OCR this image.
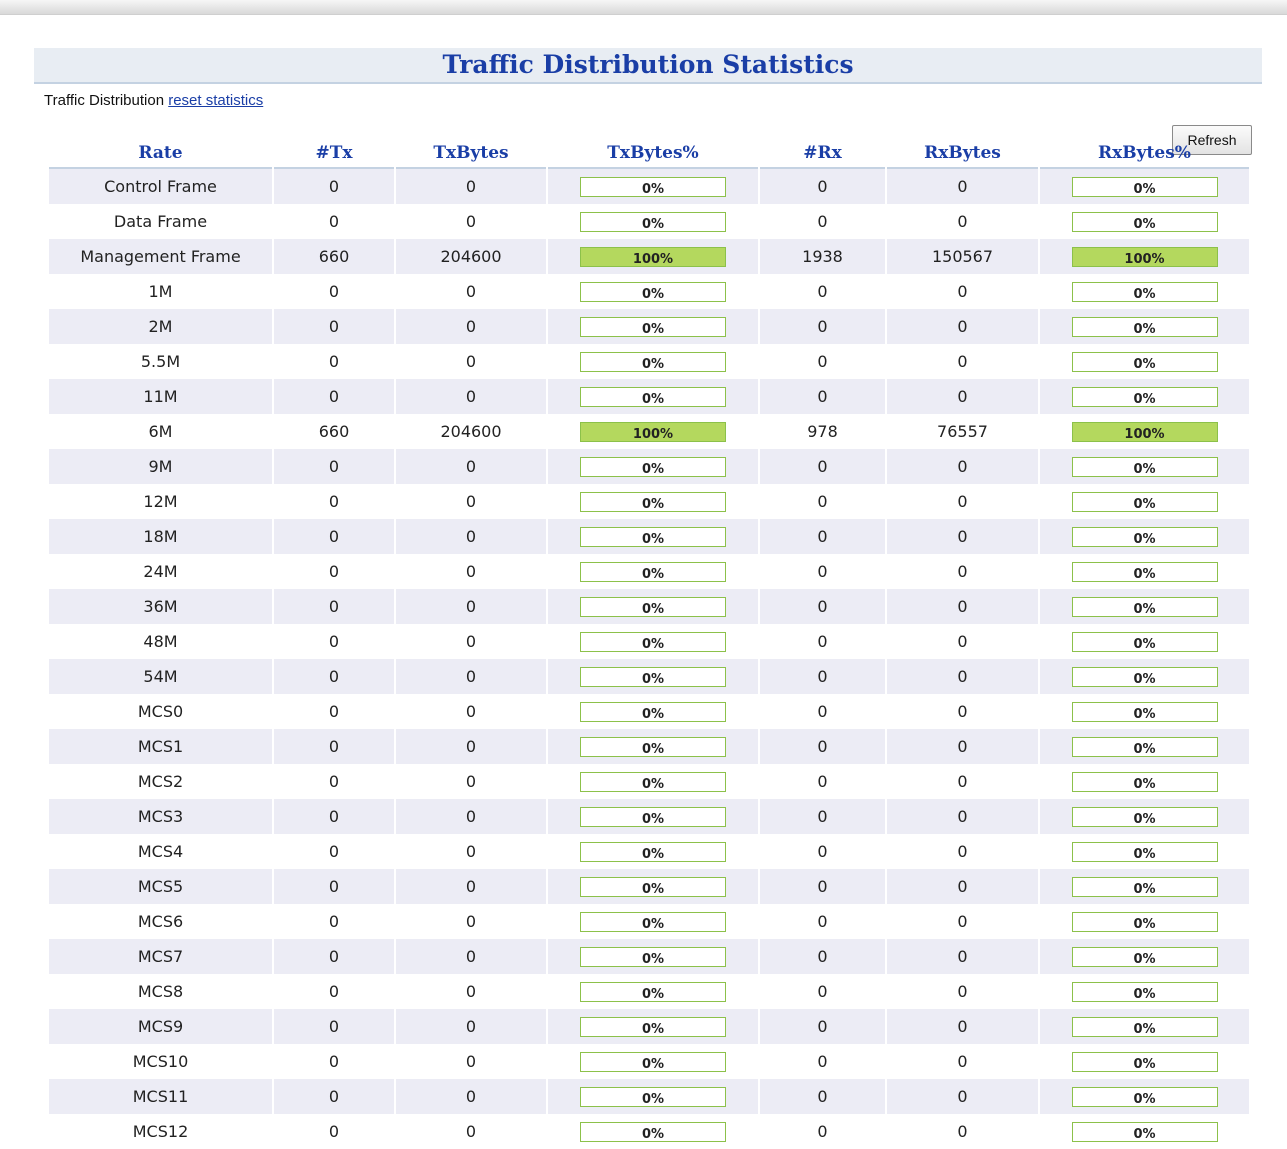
Traffic Distribution Statistics
Traffic Distribution reset statistics
Refresh
Rate	#Tx	TxBytes	TxBytes%	#Rx	RxBytes	RxBytes%
Control Frame	0	0	0%	0	0	0%

Data Frame	0	0	0%	0	0	0%

Management Frame	660	204600	100%	1938	150567	100%

1M	0	0	0%	0	0	0%

2M	0	0	0%	0	0	0%

5.5M	0	0	0%	0	0	0%

11M	0	0	0%	0	0	0%

6M	660	204600	100%	978	76557	100%

9M	0	0	0%	0	0	0%

12M	0	0	0%	0	0	0%

18M	0	0	0%	0	0	0%

24M	0	0	0%	0	0	0%

36M	0	0	0%	0	0	0%

48M	0	0	0%	0	0	0%

54M	0	0	0%	0	0	0%

MCS0	0	0	0%	0	0	0%

MCS1	0	0	0%	0	0	0%

MCS2	0	0	0%	0	0	0%

MCS3	0	0	0%	0	0	0%

MCS4	0	0	0%	0	0	0%

MCS5	0	0	0%	0	0	0%

MCS6	0	0	0%	0	0	0%

MCS7	0	0	0%	0	0	0%

MCS8	0	0	0%	0	0	0%

MCS9	0	0	0%	0	0	0%

MCS10	0	0	0%	0	0	0%

MCS11	0	0	0%	0	0	0%

MCS12	0	0	0%	0	0	0%
